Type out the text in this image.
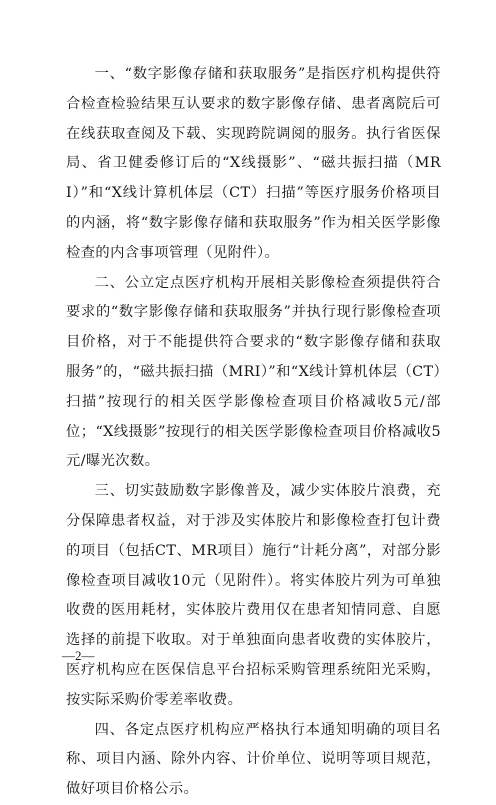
一、“数字影像存储和获取服务”是指医疗机构提供符合检查检验结果互认要求的数字影像存储、患者离院后可在线获取查阅及下载、实现跨院调阅的服务。执行省医保局、省卫健委修订后的“X线摄影”、“磁共振扫描（MRI）”和“X线计算机体层（CT）扫描”等医疗服务价格项目的内涵，将“数字影像存储和获取服务”作为相关医学影像检查的内含事项管理（见附件）。

二、公立定点医疗机构开展相关影像检查须提供符合要求的“数字影像存储和获取服务”并执行现行影像检查项目价格，对于不能提供符合要求的“数字影像存储和获取服务”的，“磁共振扫描（MRI）”和“X线计算机体层（CT）扫描”按现行的相关医学影像检查项目价格减收5元/部位；“X线摄影”按现行的相关医学影像检查项目价格减收5元/曝光次数。

三、切实鼓励数字影像普及，减少实体胶片浪费，充分保障患者权益，对于涉及实体胶片和影像检查打包计费的项目（包括CT、MR项目）施行“计耗分离”，对部分影像检查项目减收10元（见附件）。将实体胶片列为可单独收费的医用耗材，实体胶片费用仅在患者知情同意、自愿选择的前提下收取。对于单独面向患者收费的实体胶片，医疗机构应在医保信息平台招标采购管理系统阳光采购，按实际采购价零差率收费。

四、各定点医疗机构应严格执行本通知明确的项目名称、项目内涵、除外内容、计价单位、说明等项目规范，做好项目价格公示。

—2—
